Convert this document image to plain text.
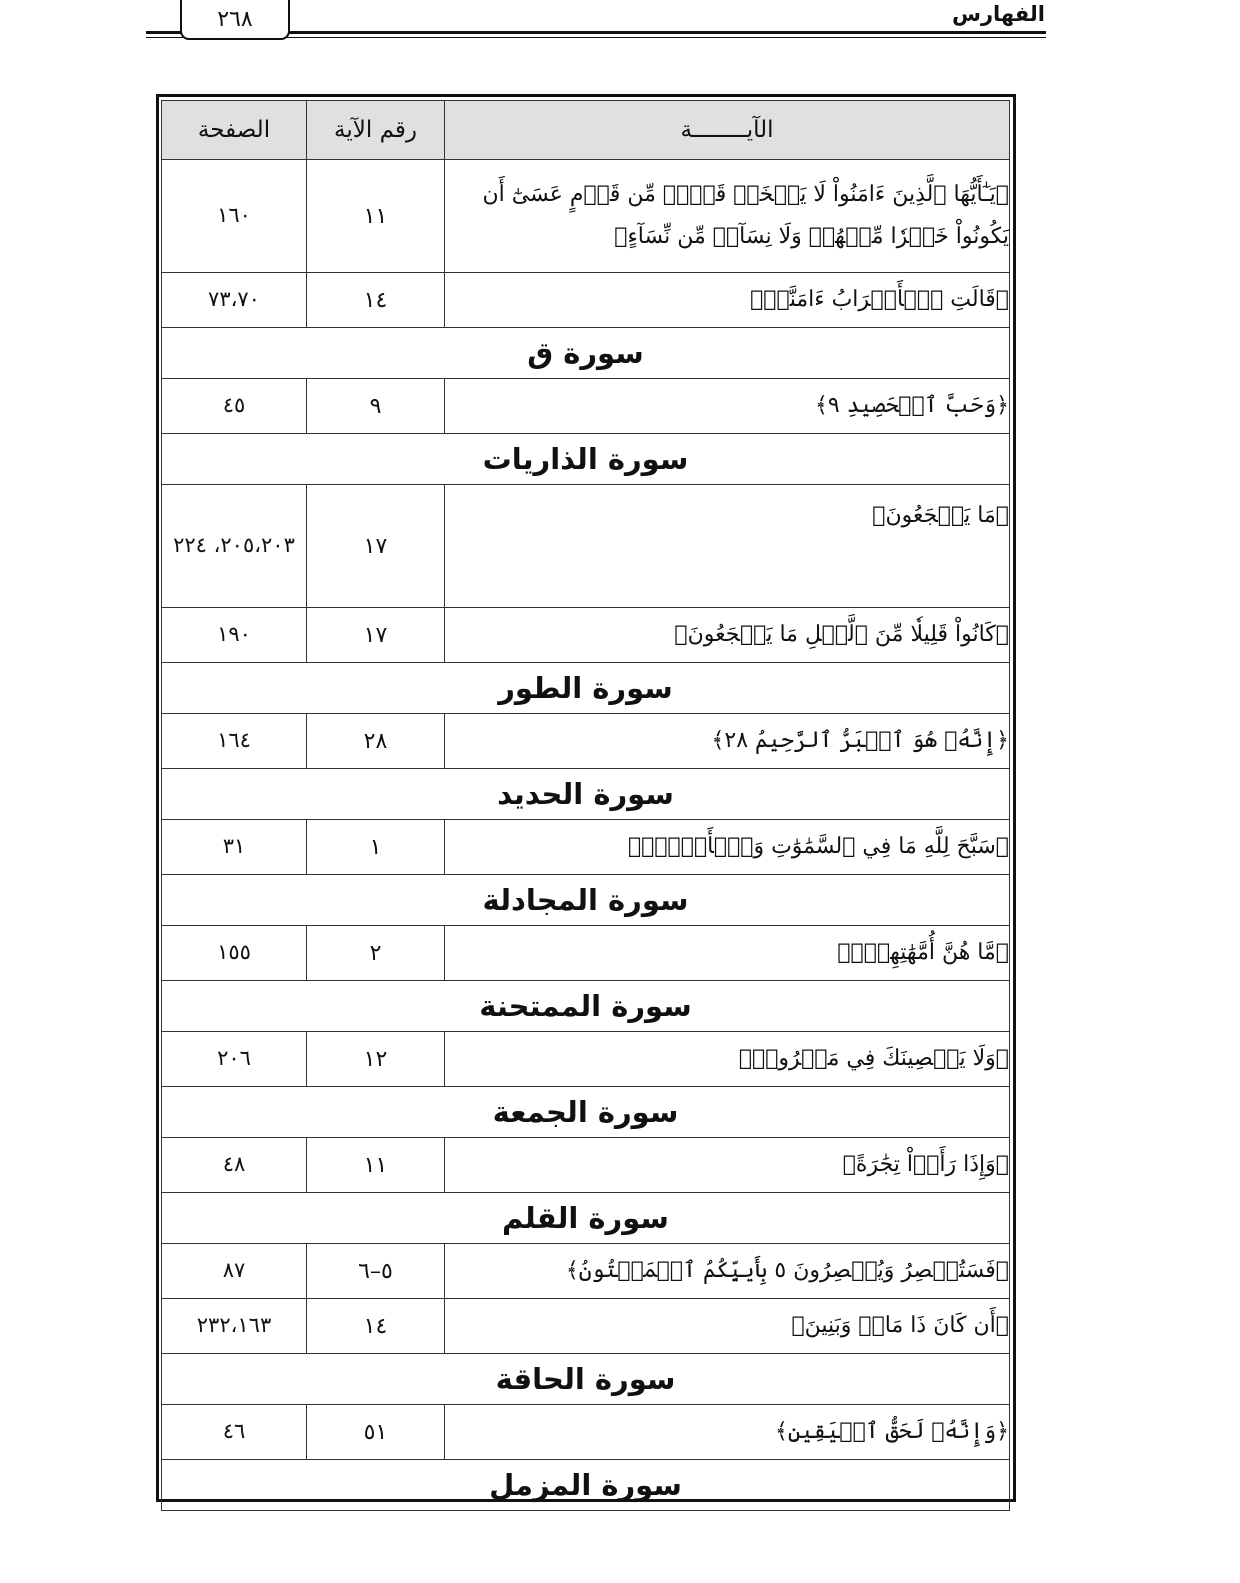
الفهارس
٢٦٨
الآيــــــــة	رقم الآية	الصفحة
﴿يَـٰٓأَيُّهَا ٱلَّذِينَ ءَامَنُواْ لَا يَسۡخَرۡ قَوۡمٞ مِّن قَوۡمٍ عَسَىٰٓ أَن يَكُونُواْ خَيۡرٗا مِّنۡهُمۡ وَلَا نِسَآءٞ مِّن نِّسَآءٍ﴾	١١	١٦٠
﴿قَالَتِ ٱلۡأَعۡرَابُ ءَامَنَّاۖ﴾	١٤	٧٣،٧٠
سورة ق		
﴿وَحَبَّ ٱلۡحَصِيدِ ٩﴾	٩	٤٥
سورة الذاريات		
﴿مَا يَهۡجَعُونَ﴾	١٧	٢٠٥،٢٠٣، ٢٢٤
﴿كَانُواْ قَلِيلٗا مِّنَ ٱلَّيۡلِ مَا يَهۡجَعُونَ﴾	١٧	١٩٠
سورة الطور		
﴿إِنَّهُۥ هُوَ ٱلۡبَرُّ ٱلرَّحِيمُ ٢٨﴾	٢٨	١٦٤
سورة الحديد		
﴿سَبَّحَ لِلَّهِ مَا فِي ٱلسَّمَٰوَٰتِ وَٱلۡأَرۡضِۖ﴾	١	٣١
سورة المجادلة		
﴿مَّا هُنَّ أُمَّهَٰتِهِمۡۖ﴾	٢	١٥٥
سورة الممتحنة		
﴿وَلَا يَعۡصِينَكَ فِي مَعۡرُوفٖ﴾	١٢	٢٠٦
سورة الجمعة		
﴿وَإِذَا رَأَوۡاْ تِجَٰرَةً﴾	١١	٤٨
سورة القلم		
﴿فَسَتُبۡصِرُ وَيُبۡصِرُونَ ٥ بِأَييِّكُمُ ٱلۡمَفۡتُونُ﴾	٥–٦	٨٧
﴿أَن كَانَ ذَا مَالٖ وَبَنِينَ﴾	١٤	٢٣٢،١٦٣
سورة الحاقة		
﴿وَإِنَّهُۥ لَحَقُّ ٱلۡيَقِينِ﴾	٥١	٤٦
سورة المزمل		
